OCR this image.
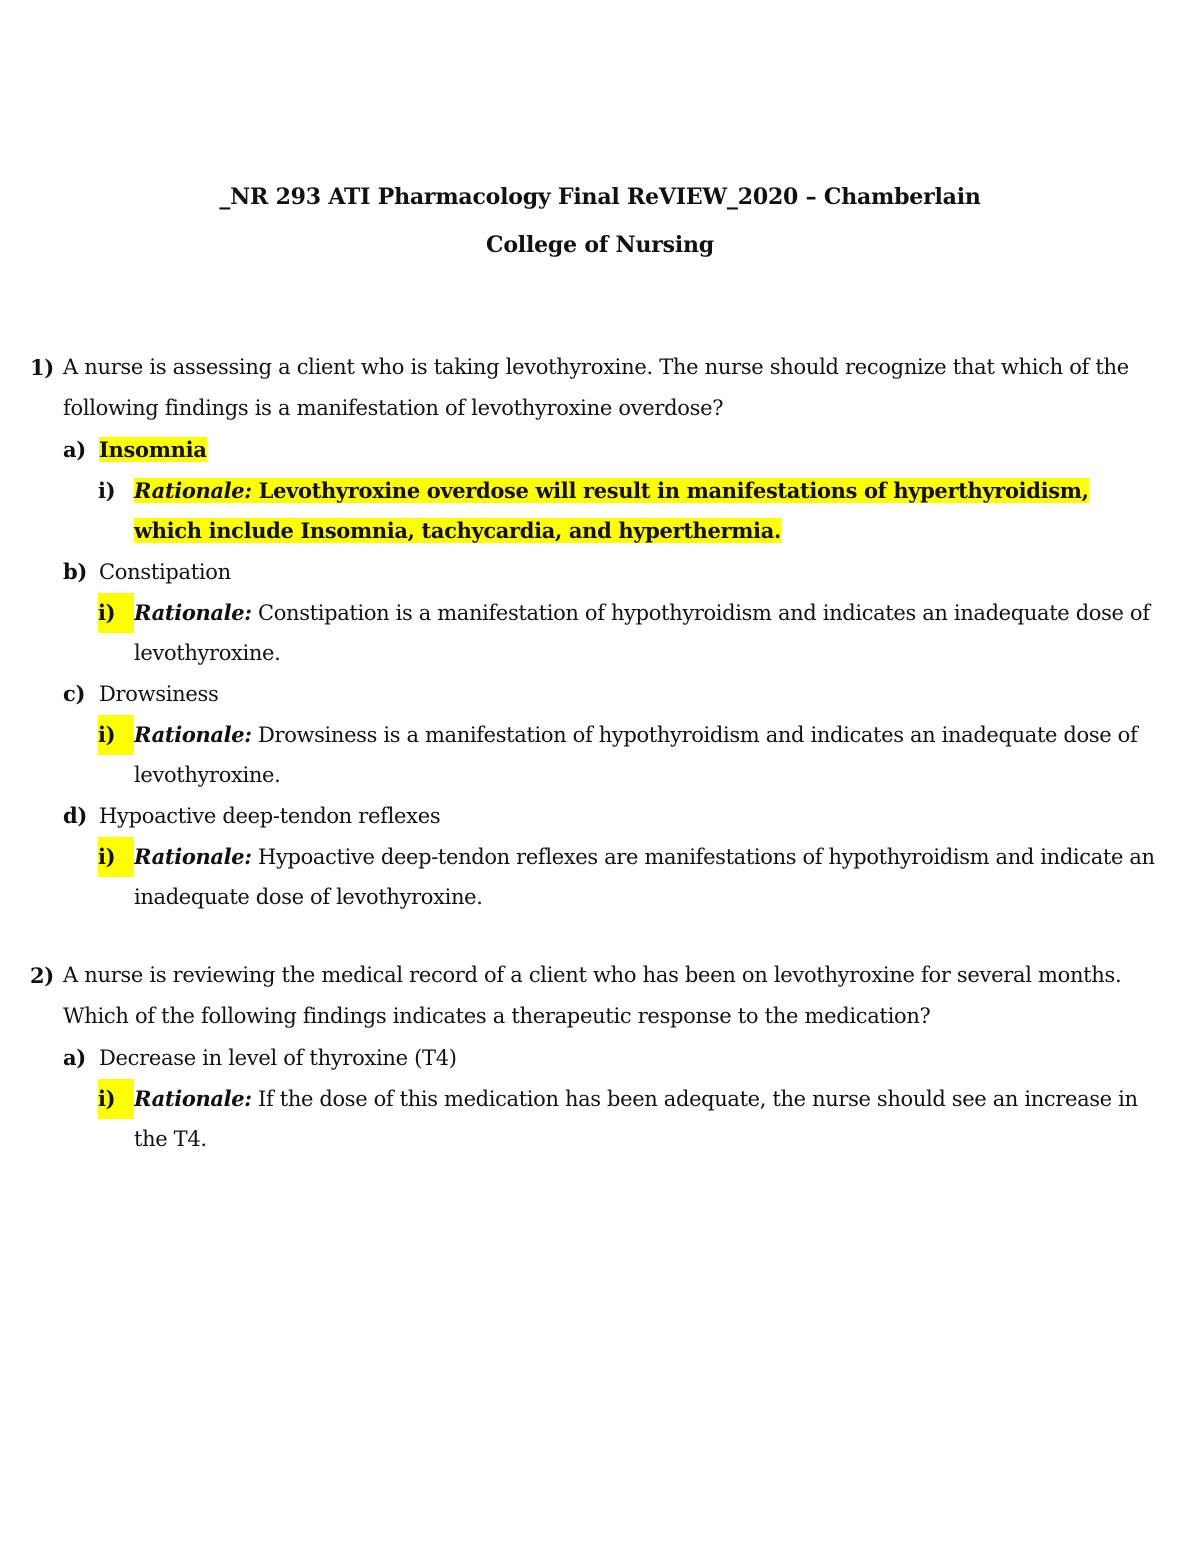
_NR 293 ATI Pharmacology Final ReVIEW_2020 – Chamberlain
College of Nursing
1) A nurse is assessing a client who is taking levothyroxine. The nurse should recognize that which of the following findings is a manifestation of levothyroxine overdose?
a) Insomnia
i) Rationale: Levothyroxine overdose will result in manifestations of hyperthyroidism, which include Insomnia, tachycardia, and hyperthermia.
b) Constipation
i) Rationale: Constipation is a manifestation of hypothyroidism and indicates an inadequate dose of levothyroxine.
c) Drowsiness
i) Rationale: Drowsiness is a manifestation of hypothyroidism and indicates an inadequate dose of levothyroxine.
d) Hypoactive deep-tendon reflexes
i) Rationale: Hypoactive deep-tendon reflexes are manifestations of hypothyroidism and indicate an inadequate dose of levothyroxine.
2) A nurse is reviewing the medical record of a client who has been on levothyroxine for several months. Which of the following findings indicates a therapeutic response to the medication?
a) Decrease in level of thyroxine (T4)
i) Rationale: If the dose of this medication has been adequate, the nurse should see an increase in the T4.
